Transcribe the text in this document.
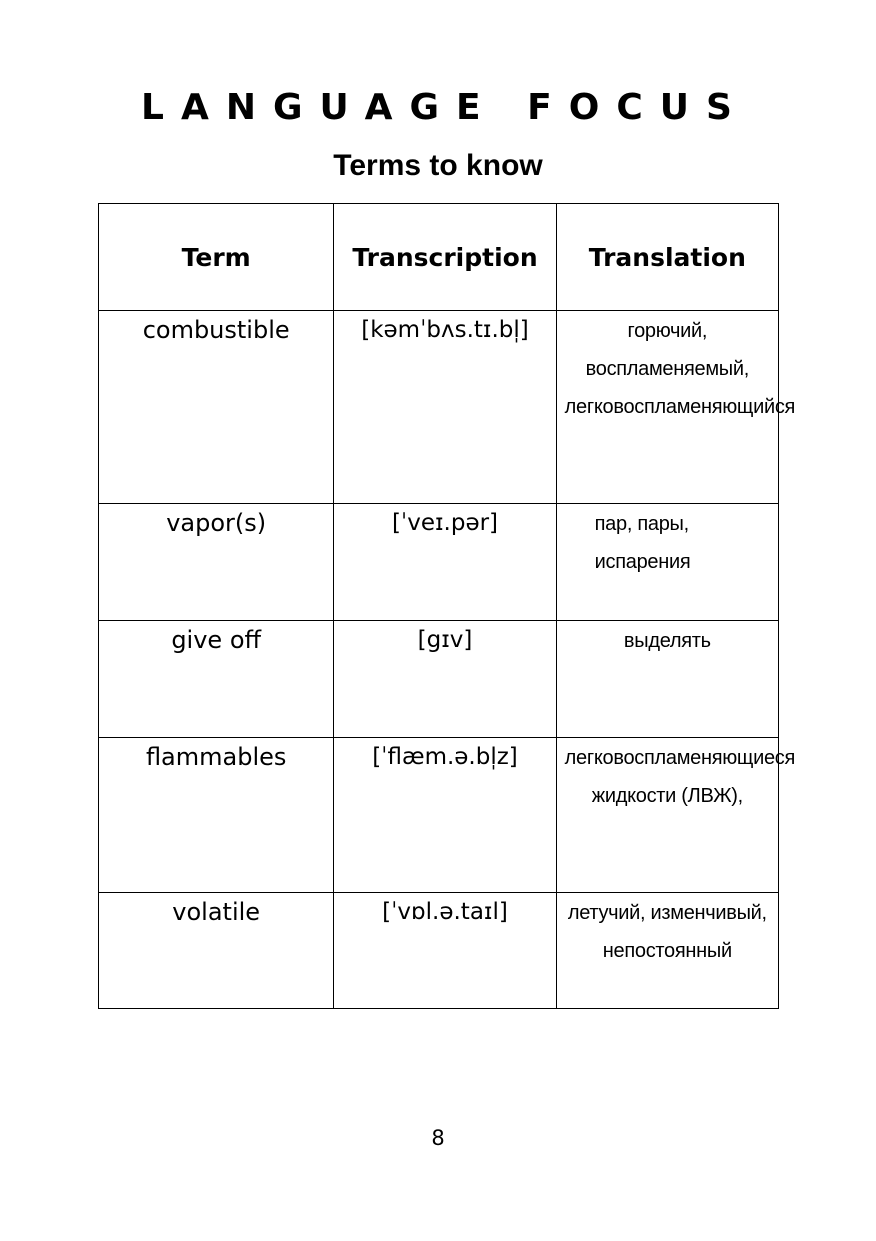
LANGUAGE FOCUS
Terms to know
Term	Transcription	Translation

combustible	[kəmˈbʌs.tɪ.bl̩]	горючий, воспламеняемый, легковоспламеняющийся

vapor(s)	[ˈveɪ.pər]	пар, пары, испарения

give off	[gɪv]	выделять

flammables	[ˈflæm.ə.bl̩z]	легковоспламеняющиеся жидкости (ЛВЖ),

volatile	[ˈvɒl.ə.taɪl]	летучий, изменчивый, непостоянный
8
